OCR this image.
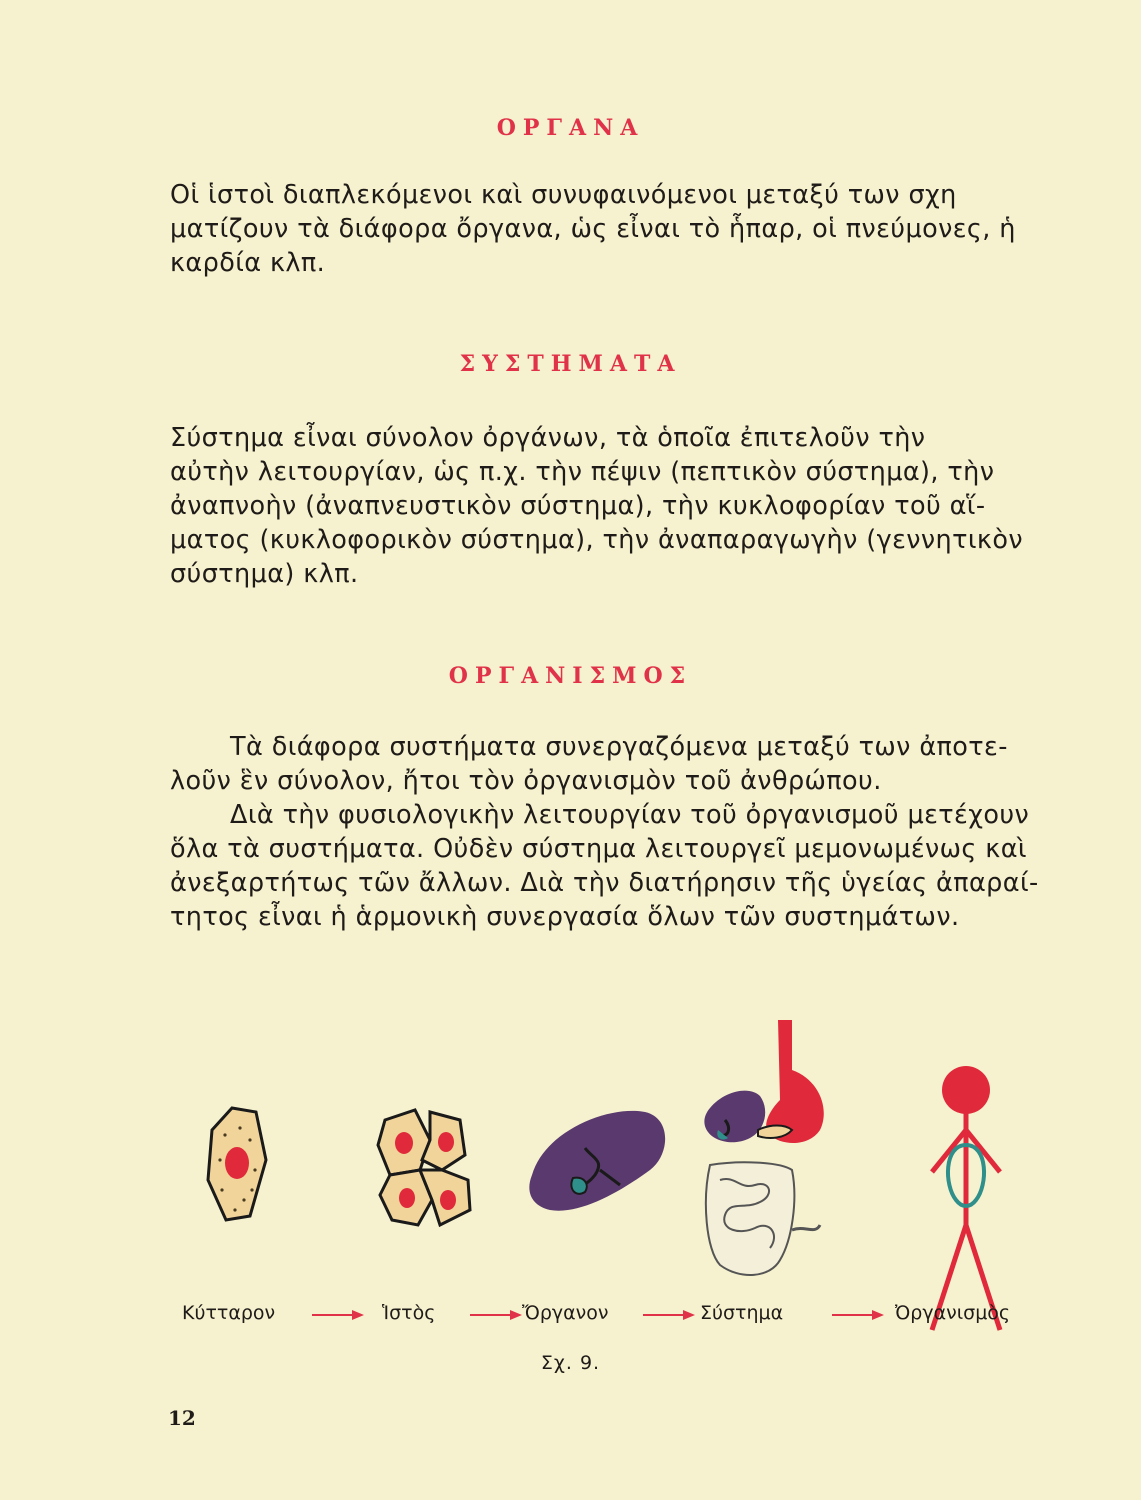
ΟΡΓΑΝΑ
Οἱ ἱστοὶ διαπλεκόμενοι καὶ συνυφαινόμενοι μεταξύ των σχη
ματίζουν τὰ διάφορα ὄργανα, ὡς εἶναι τὸ ἧπαρ, οἱ πνεύμονες, ἡ
καρδία κλπ.
ΣΥΣΤΗΜΑΤΑ
Σύστημα εἶναι σύνολον ὀργάνων, τὰ ὁποῖα ἐπιτελοῦν τὴν
αὐτὴν λειτουργίαν, ὡς π.χ. τὴν πέψιν (πεπτικὸν σύστημα), τὴν
ἀναπνοὴν (ἀναπνευστικὸν σύστημα), τὴν κυκλοφορίαν τοῦ αἵ-
ματος (κυκλοφορικὸν σύστημα), τὴν ἀναπαραγωγὴν (γεννητικὸν
σύστημα) κλπ.
ΟΡΓΑΝΙΣΜΟΣ
Τὰ διάφορα συστήματα συνεργαζόμενα μεταξύ των ἀποτε-
λοῦν ἓν σύνολον, ἤτοι τὸν ὀργανισμὸν τοῦ ἀνθρώπου.
Διὰ τὴν φυσιολογικὴν λειτουργίαν τοῦ ὀργανισμοῦ μετέχουν
ὅλα τὰ συστήματα. Οὐδὲν σύστημα λειτουργεῖ μεμονωμένως καὶ
ἀνεξαρτήτως τῶν ἄλλων. Διὰ τὴν διατήρησιν τῆς ὑγείας ἀπαραί-
τητος εἶναι ἡ ἁρμονικὴ συνεργασία ὅλων τῶν συστημάτων.
Κύτταρον	Ἱστὸς	Ὄργανον	Σύστημα	Ὀργανισμὸς
Σχ. 9.
12
